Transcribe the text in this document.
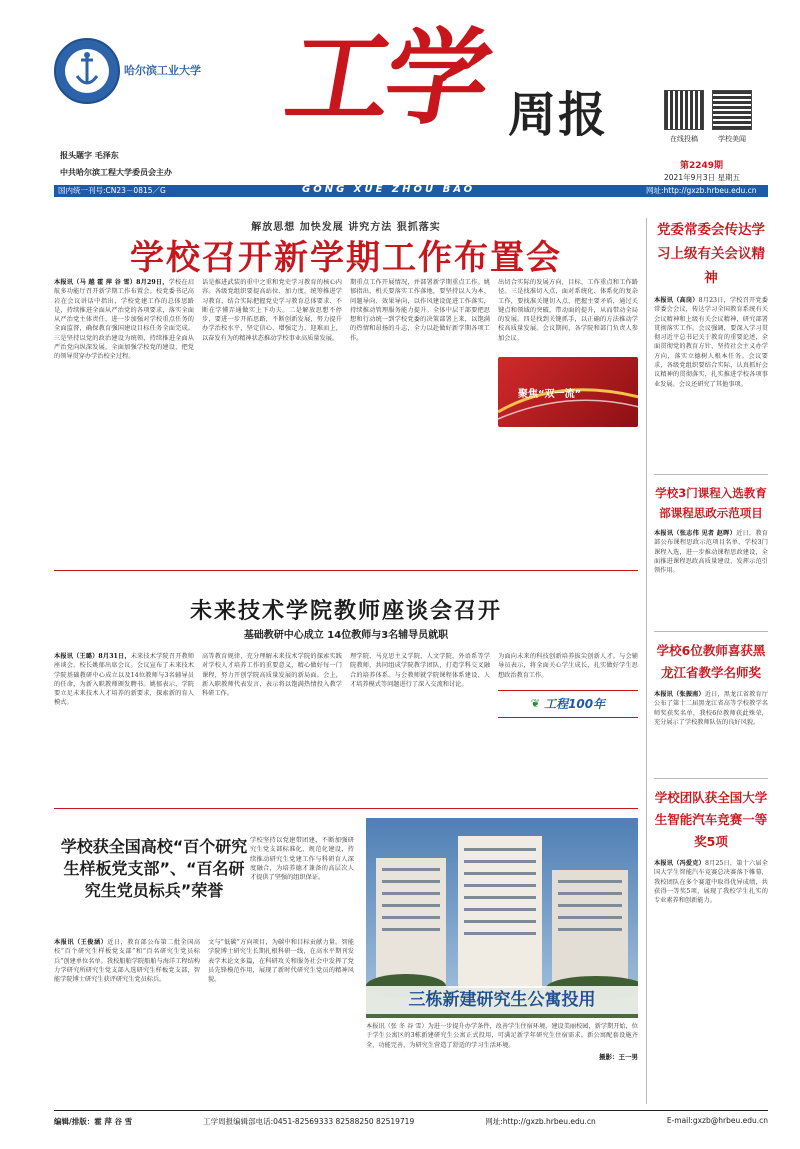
1953
哈尔滨工业大学 工学 周报
报头题字 毛泽东
中共哈尔滨工程大学委员会主办
在线投稿	学校美闻
第2249期
2021年9月3日 星期五
国内统一刊号:CN23－0815／G	GONG XUE ZHOU BAO	网址:http://gxzb.hrbeu.edu.cn
解放思想 加快发展 讲究方法 狠抓落实
学校召开新学期工作布置会

本报讯（马 越 霍 萍 谷 雪）8月29日，学校在启航多功能厅召开新学期工作布置会。校党委书记高岩在会议讲话中指出，学校党建工作的总体思路是，持续推进全面从严治党的各项要求，落实全面从严治党主体责任，进一步加强对学校重点任务的全面监督，确保教育强国建设目标任务全面完成。三是坚持以党的政治建设为统领，持续推进全面从严治党向纵深发展，全面加强学校党的建设，把党的领导贯穿办学治校全过程。

话是推进武装的重中之重和党史学习教育的核心内容。各级党组织要提高站位、加力度，统筹推进学习教育，结合实际把握党史学习教育总体要求、不断在学懂弄通做实上下功夫。二是解放思想不停步，要进一步开拓思路，不断创新发展，努力提升办学治校水平，坚定信心、增强定力、迎难而上，以奋发有为的精神状态推动学校事业高质量发展。

期重点工作开展情况，并部署新学期重点工作。姚郁指出，机关要落实工作落地，要坚持以人为本、问题导向、效果导向，以作风建设促进工作落实，持续推动管理服务能力提升。全体中层干部要把思想和行动统一到学校党委的决策部署上来，以饱满的热情和昂扬的斗志，全力以赴做好新学期各项工作。

出切合实际的发展方向，目标、工作重点和工作路径。三是找准切入点，面对系统化、体系化的复杂工作，要找准关键切入点，把握主要矛盾，通过关键点和领域的突破，带动面的提升，从而带动全局的发展。四是找到关键抓手，以正确的方法推动学校高质量发展。会议期间，各学院和部门负责人参加会议。

聚焦“双一流”
未来技术学院教师座谈会召开
基础教研中心成立 14位教师与3名辅导员就职

本报讯（王璐）8月31日，未来技术学院召开教师座谈会。校长姚郁出席会议。会议宣布了未来技术学院基础教研中心成立以及14位教师与3名辅导员的任命，为新入职教师颁发聘书。姚郁表示，学院要立足未来技术人才培养的新要求，探索新的育人模式。

高等教育规律，充分理解未来技术学院的探索实践对学校人才培养工作的重要意义，精心做好每一门课程，努力开创学院高质量发展的新局面。会上，新入职教师代表发言，表示将以饱满热情投入教学科研工作。

理学院、马克思主义学院、人文学院、外语系等学院教师，共同组成学院教学团队，打造学科交叉融合的培养体系。与会教师就学院课程体系建设、人才培养模式等问题进行了深入交流和讨论。

为面向未来的科技创新培养拔尖创新人才。与会辅导员表示，将全面关心学生成长，扎实做好学生思想政治教育工作。

❦ 工程100年
学校获全国高校“百个研究生样板党支部”、“百名研究生党员标兵”荣誉

本报讯（王俊涵）近日，教育部公布第二批全国高校“百个研究生样板党支部”和“百名研究生党员标兵”创建单位名单。我校船舶学院船舶与海洋工程结构力学研究所研究生党支部入选研究生样板党支部，智能学院博士研究生获评研究生党员标兵。

文与“低碳”方向项目，为碳中和目标贡献力量。智能学院博士研究生长期扎根科研一线，在高水平期刊发表学术论文多篇，在科研攻关和服务社会中发挥了党员先锋模范作用，展现了新时代研究生党员的精神风貌。

学校坚持以党建带团建，不断加强研究生党支部标准化、规范化建设，持续推动研究生党建工作与科研育人深度融合，为培养德才兼备的高层次人才提供了坚强的组织保证。

三栋新建研究生公寓投用

本报讯（张 冬 谷 雪）为进一步提升办学条件，改善学生住宿环境，建设美丽校园，新学期开始，位于学生公寓区的3栋新建研究生公寓正式投用，可满足新学年研究生住宿需求。新公寓配套设施齐全，功能完善，为研究生营造了舒适的学习生活环境。

摄影：王一男
党委常委会传达学习上级有关会议精神

本报讯（高岗）8月23日，学校召开党委常委会会议，传达学习全国教育系统有关会议精神和上级有关会议精神，研究部署贯彻落实工作。会议强调，要深入学习贯彻习近平总书记关于教育的重要论述，全面贯彻党的教育方针，坚持社会主义办学方向，落实立德树人根本任务。会议要求，各级党组织要结合实际，认真抓好会议精神的贯彻落实，扎实推进学校各项事业发展。会议还研究了其他事项。

学校3门课程入选教育部课程思政示范项目

本报讯（张志伟 见者 赵晖）近日，教育部公布课程思政示范项目名单，学校3门课程入选，进一步推动课程思政建设，全面推进课程思政高质量建设，发挥示范引领作用。

学校6位教师喜获黑龙江省教学名师奖

本报讯（张振南）近日，黑龙江省教育厅公布了第十二届黑龙江省高等学校教学名师奖获奖名单，我校6位教师获此殊荣，充分展示了学校教师队伍的良好风貌。

学校团队获全国大学生智能汽车竞赛一等奖5项

本报讯（冯爱克）8月25日，第十六届全国大学生智能汽车竞赛总决赛落下帷幕，我校团队在多个赛道中取得优异成绩，共获得一等奖5项，展现了我校学生扎实的专业素养和创新能力。

编辑/排版：霍 萍 谷 雪	工学周报编辑部电话:0451-82569333 82588250 82519719	网址:http://gxzb.hrbeu.edu.cn	E-mail:gxzb@hrbeu.edu.cn
